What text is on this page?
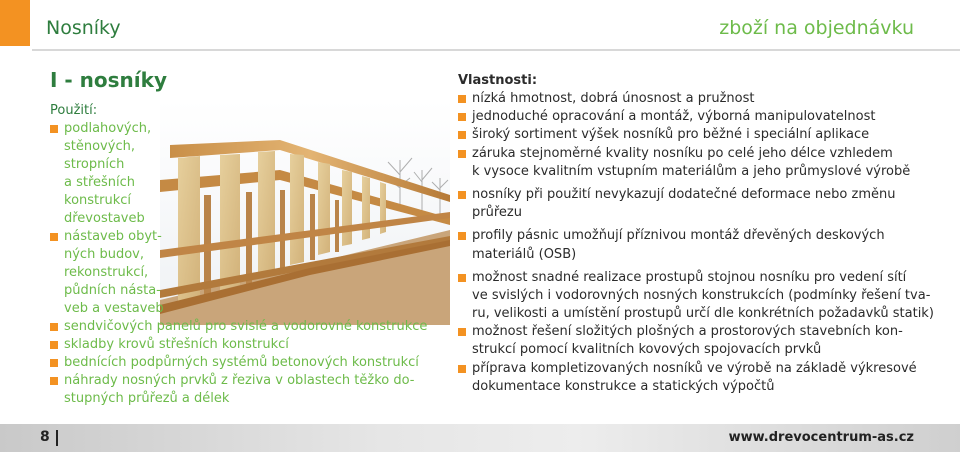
Nosníky	zboží na objednávku
I - nosníky
Použití:
podlahových,
stěnových,
stropních
a střešních
konstrukcí
dřevostaveb
nástaveb obyt-
ných budov,
rekonstrukcí,
půdních násta-
veb a vestaveb
sendvičových panelů pro svislé a vodorovné konstrukce
skladby krovů střešních konstrukcí
bednících podpůrných systémů betonových konstrukcí
náhrady nosných prvků z řeziva v oblastech těžko do-
stupných průřezů a délek
Vlastnosti:
nízká hmotnost, dobrá únosnost a pružnost
jednoduché opracování a montáž, výborná manipulovatelnost
široký sortiment výšek nosníků pro běžné i speciální aplikace
záruka stejnoměrné kvality nosníku po celé jeho délce vzhledem
k vysoce kvalitním vstupním materiálům a jeho průmyslové výrobě
nosníky při použití nevykazují dodatečné deformace nebo změnu
průřezu
profily pásnic umožňují příznivou montáž dřevěných deskových
materiálů (OSB)
možnost snadné realizace prostupů stojnou nosníku pro vedení sítí
ve svislých i vodorovných nosných konstrukcích (podmínky řešení tva-
ru, velikosti a umístění prostupů určí dle konkrétních požadavků statik)
možnost řešení složitých plošných a prostorových stavebních kon-
strukcí pomocí kvalitních kovových spojovacích prvků
příprava kompletizovaných nosníků ve výrobě na základě výkresové
dokumentace konstrukce a statických výpočtů
8	www.drevocentrum-as.cz
